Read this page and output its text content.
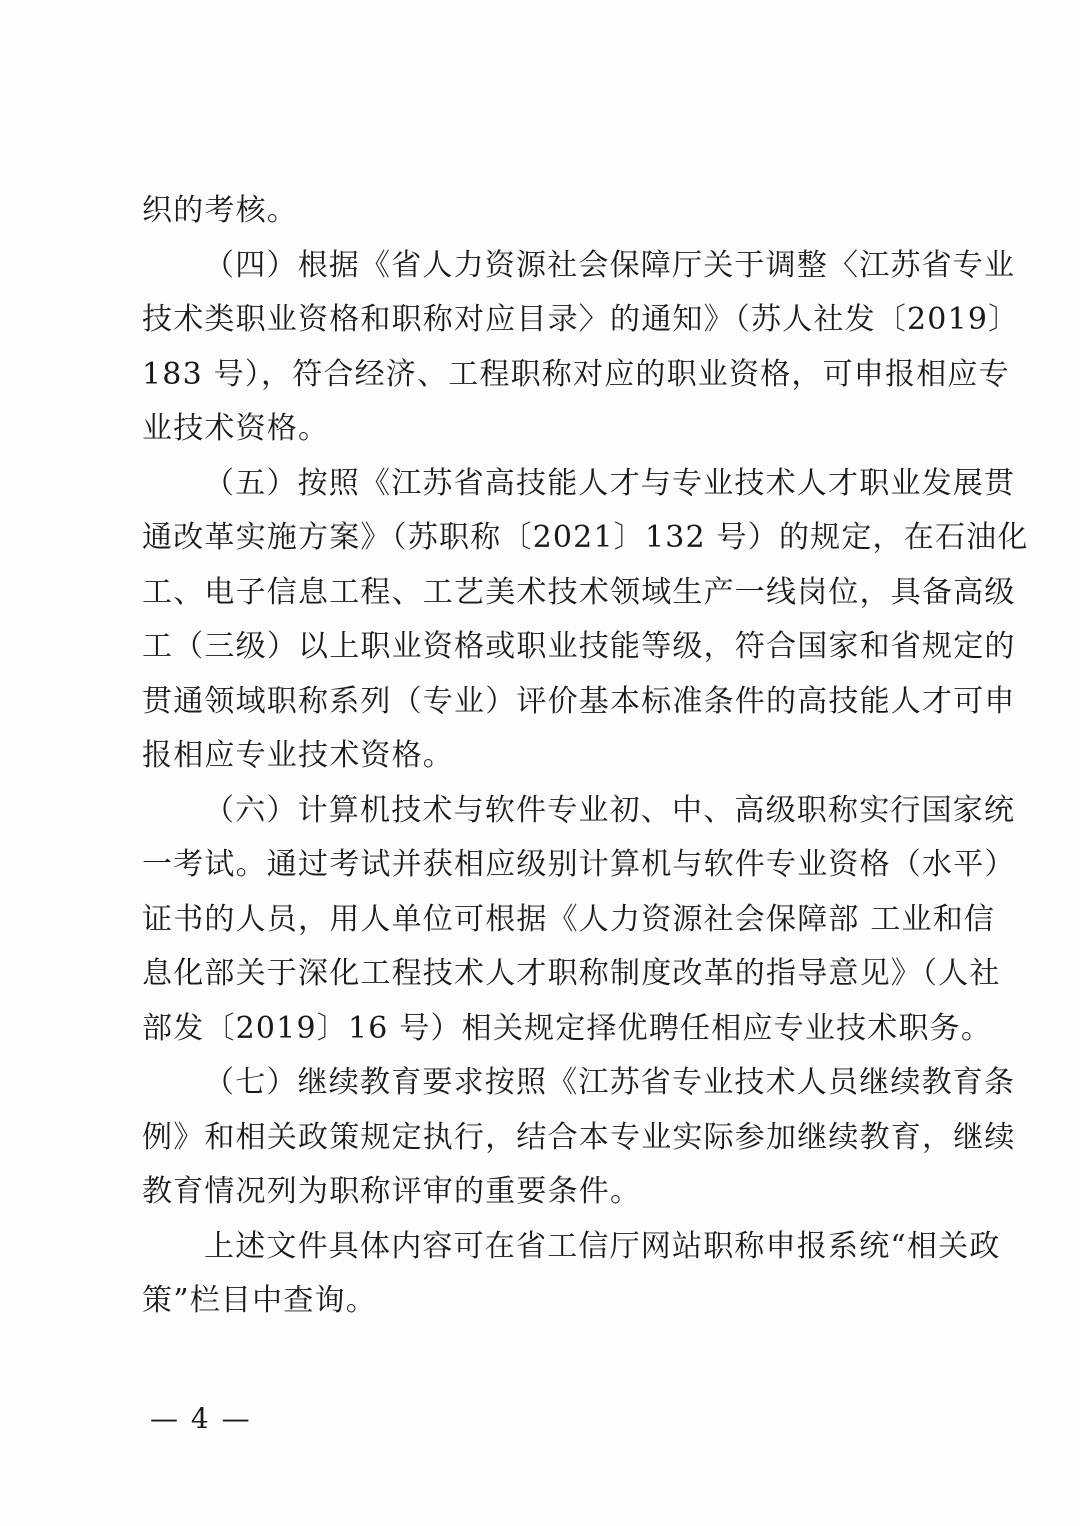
织的考核。
（四）根据《省人力资源社会保障厅关于调整〈江苏省专业
技术类职业资格和职称对应目录〉的通知》（苏人社发〔2019〕
183 号），符合经济、工程职称对应的职业资格，可申报相应专
业技术资格。
（五）按照《江苏省高技能人才与专业技术人才职业发展贯
通改革实施方案》（苏职称〔2021〕132 号）的规定，在石油化
工、电子信息工程、工艺美术技术领域生产一线岗位，具备高级
工（三级）以上职业资格或职业技能等级，符合国家和省规定的
贯通领域职称系列（专业）评价基本标准条件的高技能人才可申
报相应专业技术资格。
（六）计算机技术与软件专业初、中、高级职称实行国家统
一考试。通过考试并获相应级别计算机与软件专业资格（水平）
证书的人员，用人单位可根据《人力资源社会保障部 工业和信
息化部关于深化工程技术人才职称制度改革的指导意见》（人社
部发〔2019〕16 号）相关规定择优聘任相应专业技术职务。
（七）继续教育要求按照《江苏省专业技术人员继续教育条
例》和相关政策规定执行，结合本专业实际参加继续教育，继续
教育情况列为职称评审的重要条件。
上述文件具体内容可在省工信厅网站职称申报系统“相关政
策”栏目中查询。
— 4 —
